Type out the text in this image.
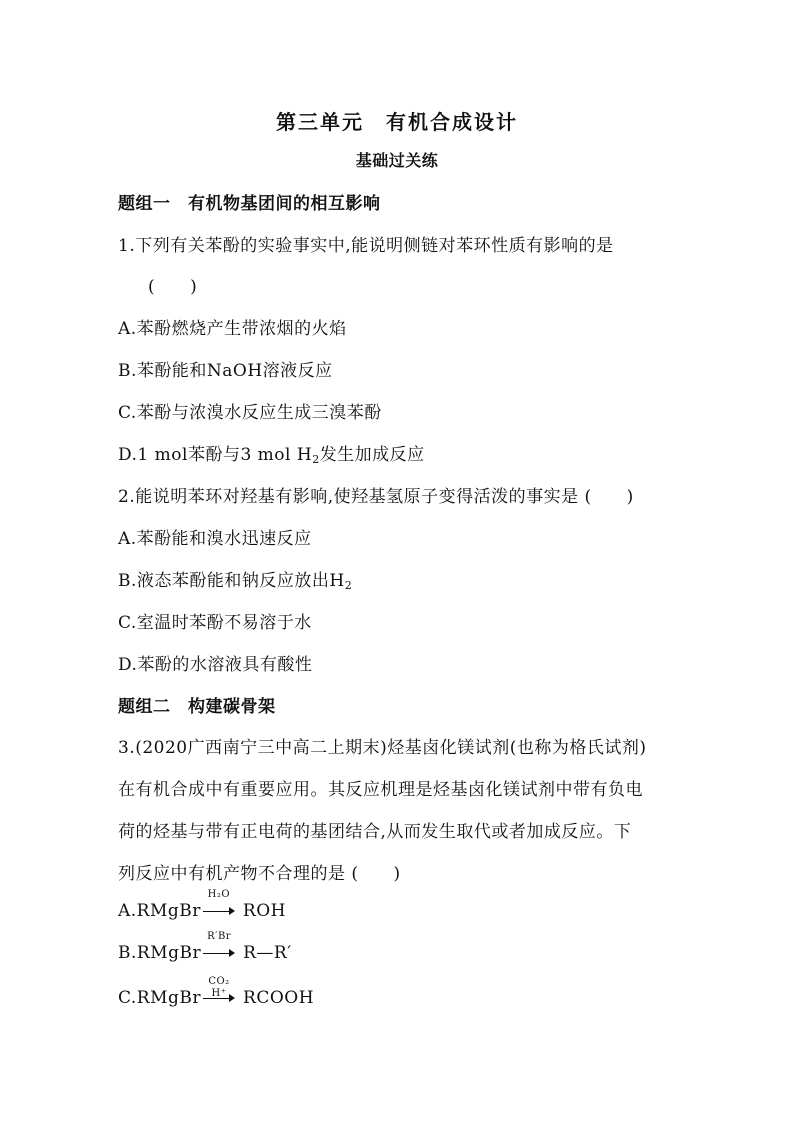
第三单元　有机合成设计
基础过关练
题组一　有机物基团间的相互影响
1.下列有关苯酚的实验事实中,能说明侧链对苯环性质有影响的是
(　　)
A.苯酚燃烧产生带浓烟的火焰
B.苯酚能和NaOH溶液反应
C.苯酚与浓溴水反应生成三溴苯酚
D.1 mol苯酚与3 mol $H_2$发生加成反应
2.能说明苯环对羟基有影响,使羟基氢原子变得活泼的事实是 (　　)
A.苯酚能和溴水迅速反应
B.液态苯酚能和钠反应放出$H_2$
C.室温时苯酚不易溶于水
D.苯酚的水溶液具有酸性
题组二　构建碳骨架
3.(2020广西南宁三中高二上期末)烃基卤化镁试剂(也称为格氏试剂)
在有机合成中有重要应用。其反应机理是烃基卤化镁试剂中带有负电
荷的烃基与带有正电荷的基团结合,从而发生取代或者加成反应。下
列反应中有机产物不合理的是 (　　)
A.RMgBr
H₂O
ROH
B.RMgBr
R′Br
R—R′
C.RMgBr $\frac{\text{CO₂}}{H^+}$ RCOOH
